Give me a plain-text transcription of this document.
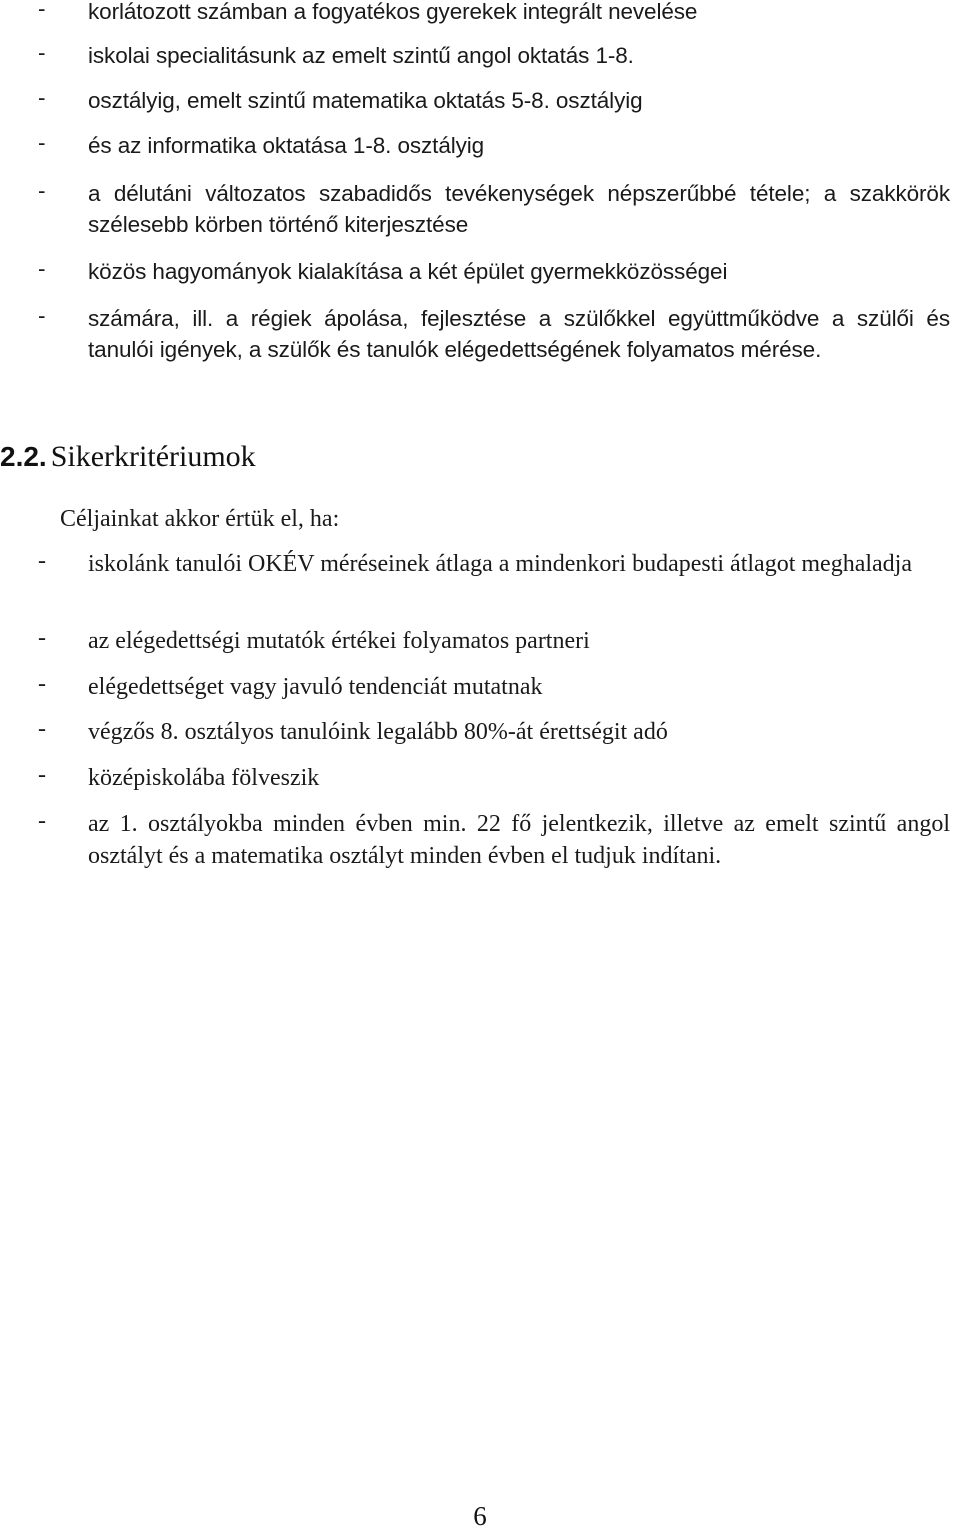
- korlátozott számban a fogyatékos gyerekek integrált nevelése
- iskolai specialitásunk az emelt szintű angol oktatás 1-8.
- osztályig, emelt szintű matematika oktatás 5-8. osztályig
- és az informatika oktatása 1-8. osztályig
- a délutáni változatos szabadidős tevékenységek népszerűbbé tétele; a szakkörök szélesebb körben történő kiterjesztése
- közös hagyományok kialakítása a két épület gyermekközösségei
- számára, ill. a régiek ápolása, fejlesztése a szülőkkel együttműködve a szülői és tanulói igények, a szülők és tanulók elégedettségének folyamatos mérése.
2.2. Sikerkritériumok
Céljainkat akkor értük el, ha:
- iskolánk tanulói OKÉV méréseinek átlaga a mindenkori budapesti átlagot meghaladja
- az elégedettségi mutatók értékei folyamatos partneri
- elégedettséget vagy javuló tendenciát mutatnak
- végzős 8. osztályos tanulóink legalább 80%-át érettségit adó
- középiskolába fölveszik
- az 1. osztályokba minden évben min. 22 fő jelentkezik, illetve az emelt szintű angol osztályt és a matematika osztályt minden évben el tudjuk indítani.
6
